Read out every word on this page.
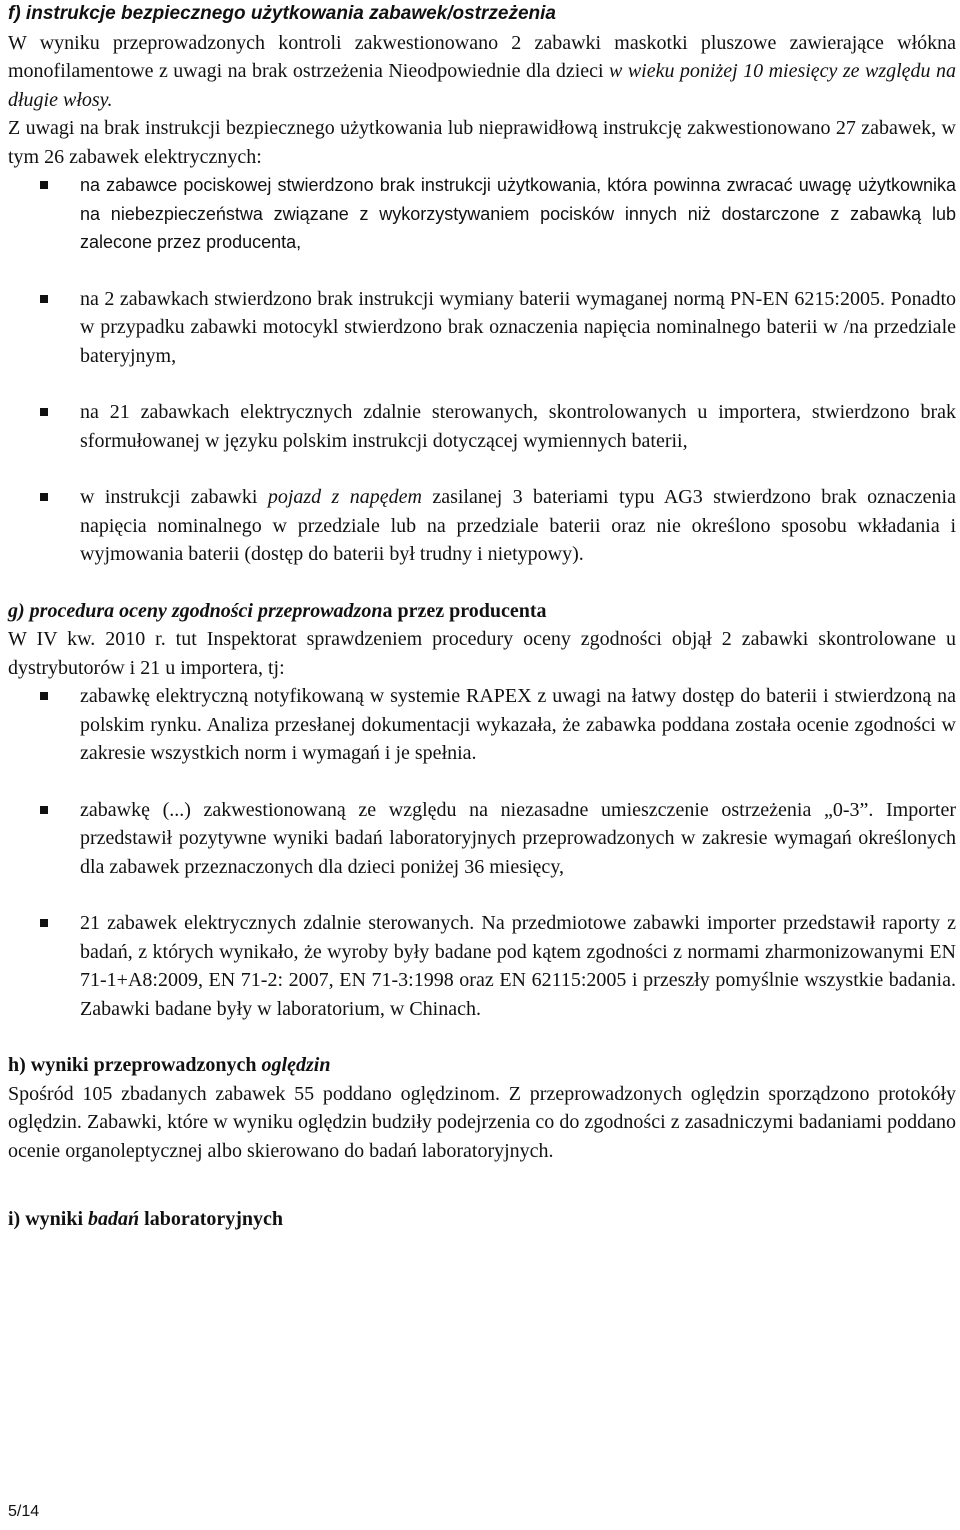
f) instrukcje bezpiecznego użytkowania zabawek/ostrzeżenia

W wyniku przeprowadzonych kontroli zakwestionowano 2 zabawki maskotki pluszowe zawierające włókna monofilamentowe z uwagi na brak ostrzeżenia Nieodpowiednie dla dzieci w wieku poniżej 10 miesięcy ze względu na długie włosy.

Z uwagi na brak instrukcji bezpiecznego użytkowania lub nieprawidłową instrukcję zakwestionowano 27 zabawek, w tym 26 zabawek elektrycznych:

na zabawce pociskowej stwierdzono brak instrukcji użytkowania, która powinna zwracać uwagę użytkownika na niebezpieczeństwa związane z wykorzystywaniem pocisków innych niż dostarczone z zabawką lub zalecone przez producenta,
na 2 zabawkach stwierdzono brak instrukcji wymiany baterii wymaganej normą PN-EN 6215:2005. Ponadto w przypadku zabawki motocykl stwierdzono brak oznaczenia napięcia nominalnego baterii w /na przedziale bateryjnym,
na 21 zabawkach elektrycznych zdalnie sterowanych, skontrolowanych u importera, stwierdzono brak sformułowanej w języku polskim instrukcji dotyczącej wymiennych baterii,
w instrukcji zabawki pojazd z napędem zasilanej 3 bateriami typu AG3 stwierdzono brak oznaczenia napięcia nominalnego w przedziale lub na przedziale baterii oraz nie określono sposobu wkładania i wyjmowania baterii (dostęp do baterii był trudny i nietypowy).

g) procedura oceny zgodności przeprowadzona przez producenta

W IV kw. 2010 r. tut Inspektorat sprawdzeniem procedury oceny zgodności objął 2 zabawki skontrolowane u dystrybutorów i 21 u importera, tj:

zabawkę elektryczną notyfikowaną w systemie RAPEX z uwagi na łatwy dostęp do baterii i stwierdzoną na polskim rynku. Analiza przesłanej dokumentacji wykazała, że zabawka poddana została ocenie zgodności w zakresie wszystkich norm i wymagań i je spełnia.
zabawkę (...) zakwestionowaną ze względu na niezasadne umieszczenie ostrzeżenia „0-3”. Importer przedstawił pozytywne wyniki badań laboratoryjnych przeprowadzonych w zakresie wymagań określonych dla zabawek przeznaczonych dla dzieci poniżej 36 miesięcy,
21 zabawek elektrycznych zdalnie sterowanych. Na przedmiotowe zabawki importer przedstawił raporty z badań, z których wynikało, że wyroby były badane pod kątem zgodności z normami zharmonizowanymi EN 71-1+A8:2009, EN 71-2: 2007, EN 71-3:1998 oraz EN 62115:2005 i przeszły pomyślnie wszystkie badania. Zabawki badane były w laboratorium, w Chinach.

h) wyniki przeprowadzonych oględzin

Spośród 105 zbadanych zabawek 55 poddano oględzinom. Z przeprowadzonych oględzin sporządzono protokóły oględzin. Zabawki, które w wyniku oględzin budziły podejrzenia co do zgodności z zasadniczymi badaniami poddano ocenie organoleptycznej albo skierowano do badań laboratoryjnych.

i) wyniki badań laboratoryjnych

5/14
